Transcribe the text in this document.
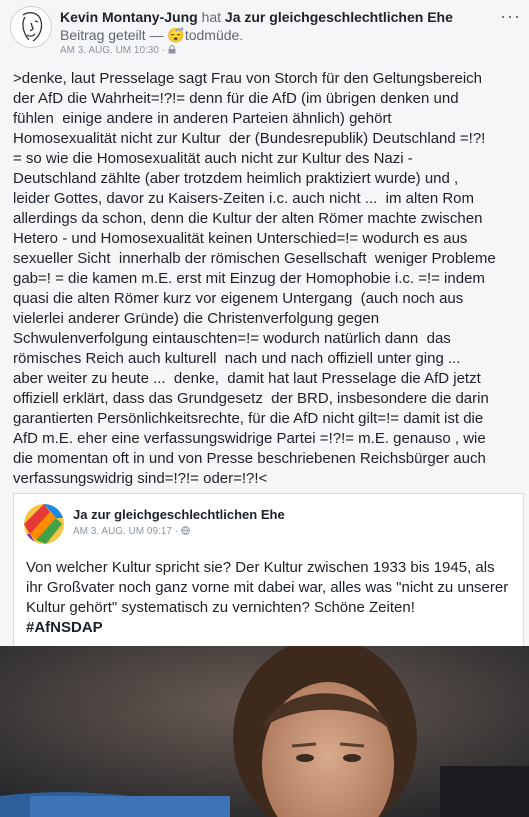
Kevin Montany-Jung hat Ja zur gleichgeschlechtlichen Ehe
Beitrag geteilt — 😴todmüde.
AM 3. AUG. UM 10:30 ·
···

>denke, laut Presselage sagt Frau von Storch für den Geltungsbereich
der AfD die Wahrheit=!?!= denn für die AfD (im übrigen denken und
fühlen  einige andere in anderen Parteien ähnlich) gehört
Homosexualität nicht zur Kultur  der (Bundesrepublik) Deutschland =!?!
= so wie die Homosexualität auch nicht zur Kultur des Nazi -
Deutschland zählte (aber trotzdem heimlich praktiziert wurde) und ,
leider Gottes, davor zu Kaisers-Zeiten i.c. auch nicht ...  im alten Rom
allerdings da schon, denn die Kultur der alten Römer machte zwischen
Hetero - und Homosexualität keinen Unterschied=!= wodurch es aus
sexueller Sicht  innerhalb der römischen Gesellschaft  weniger Probleme
gab=! = die kamen m.E. erst mit Einzug der Homophobie i.c. =!= indem
quasi die alten Römer kurz vor eigenem Untergang  (auch noch aus
vielerlei anderer Gründe) die Christenverfolgung gegen
Schwulenverfolgung eintauschten=!= wodurch natürlich dann  das
römisches Reich auch kulturell  nach und nach offiziell unter ging ...
aber weiter zu heute ...  denke,  damit hat laut Presselage die AfD jetzt
offiziell erklärt, dass das Grundgesetz  der BRD, insbesondere die darin
garantierten Persönlichkeitsrechte, für die AfD nicht gilt=!= damit ist die
AfD m.E. eher eine verfassungswidrige Partei =!?!= m.E. genauso , wie
die momentan oft in und von Presse beschriebenen Reichsbürger auch
verfassungswidrig sind=!?!= oder=!?!<

Ja zur gleichgeschlechtlichen Ehe
AM 3. AUG. UM 09:17 ·

Von welcher Kultur spricht sie? Der Kultur zwischen 1933 bis 1945, als ihr Großvater noch ganz vorne mit dabei war, alles was "nicht zu unserer Kultur gehört" systematisch zu vernichten? Schöne Zeiten!
#AfNSDAP
